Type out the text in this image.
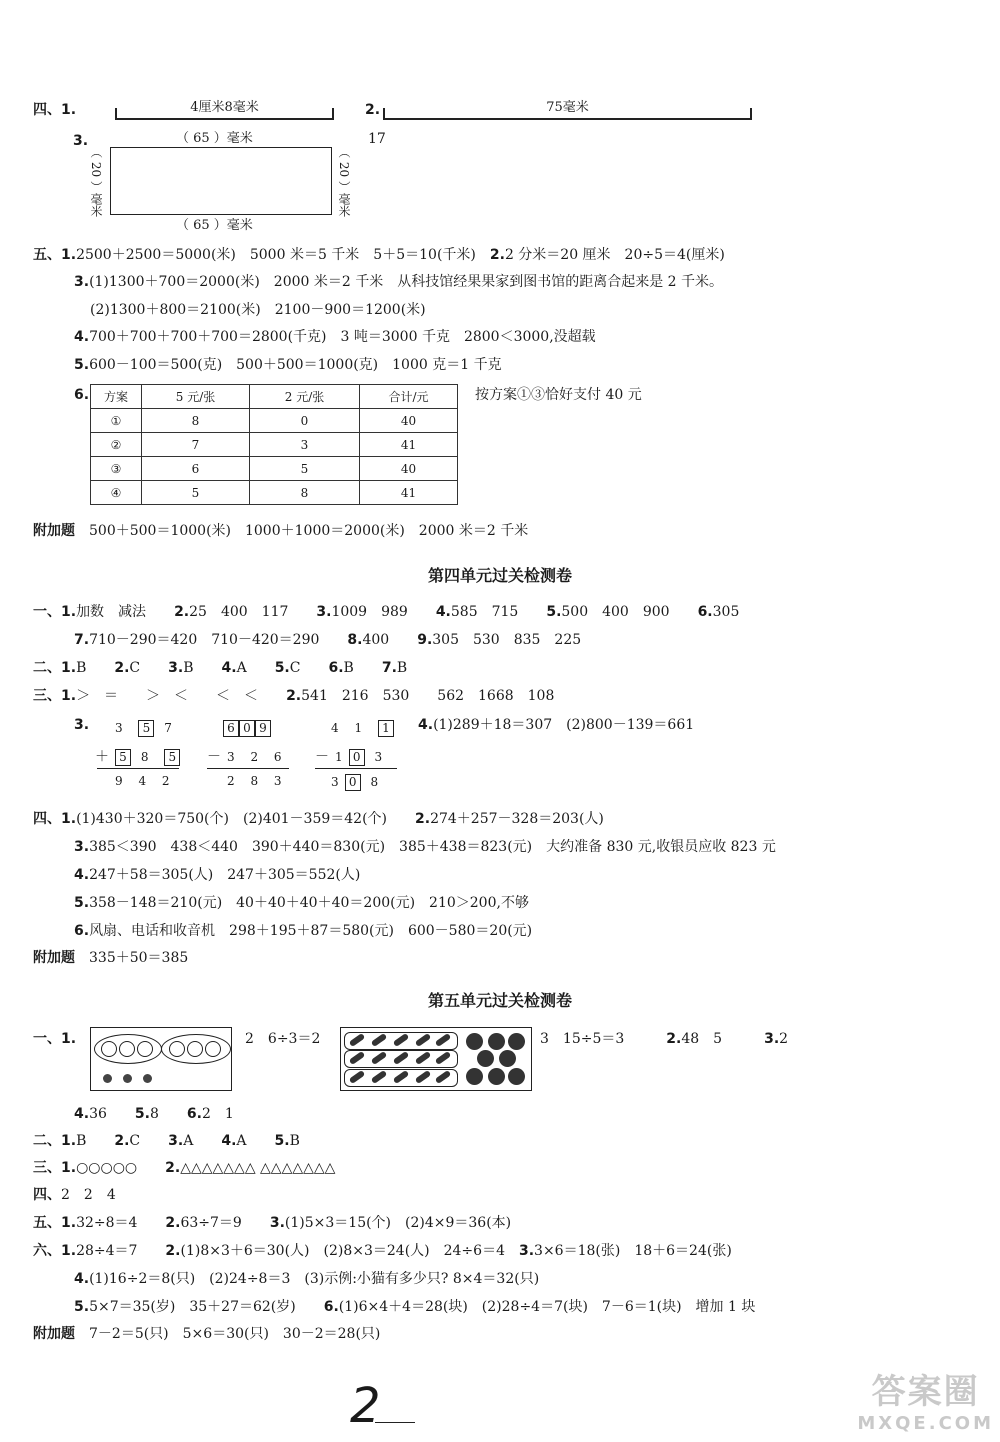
四、1.	4厘米8毫米	2.	75毫米
3.	（ 65 ）毫米
（ 20 ）毫米	（ 20 ）毫米
17
（ 65 ）毫米
五、1.2500＋2500＝5000(米)　5000 米＝5 千米　5＋5＝10(千米)　 2.2 分米＝20 厘米　20÷5＝4(厘米)
3.(1)1300＋700＝2000(米)　2000 米＝2 千米　从科技馆经果果家到图书馆的距离合起来是 2 千米。
(2)1300＋800＝2100(米)　2100－900＝1200(米)
4.700＋700＋700＋700＝2800(千克)　3 吨＝3000 千克　2800＜3000,没超载
5.600－100＝500(克)　500＋500＝1000(克)　1000 克＝1 千克
6. 方案	5 元/张	2 元/张	合计/元
①	8	0	40
②	7	3	41
③	6	5	40
④	5	8	41
按方案①③恰好支付 40 元
附加题　 500＋500＝1000(米)　1000＋1000＝2000(米)　2000 米＝2 千米
第四单元过关检测卷
一、1.加数　减法　　 2.25　400　117　　 3.1009　989　　 4.585　715　　 5.500　400　900　　 6.305
7.710－290＝420　710－420＝290　　 8.400　　 9.305　530　835　225
二、1.B　　 2.C　　 3.B　　 4.A　　 5.C　　 6.B　　 7.B
三、1.＞　＝　　＞　＜　　＜　＜　　 2.541　216　530　　562　1668　108
3. 3 5 7
＋ 5 8 5
9 4 2
6 0 9
－3 2 6
2 8 3
4 1 1
－1 0 3
3 0 8
4.(1)289＋18＝307　(2)800－139＝661
四、1.(1)430＋320＝750(个)　(2)401－359＝42(个)　　 2.274＋257－328＝203(人)
3.385＜390　438＜440　390＋440＝830(元)　385＋438＝823(元)　大约准备 830 元,收银员应收 823 元
4.247＋58＝305(人)　247＋305＝552(人)
5.358－148＝210(元)　40＋40＋40＋40＝200(元)　210＞200,不够
6.风扇、电话和收音机　298＋195＋87＝580(元)　600－580＝20(元)
附加题　 335＋50＝385
第五单元过关检测卷
一、1.	2　6÷3＝2	3　15÷5＝3　　　	2.48　5　　　	3.2
4.36　　 5.8　　 6.2　1
二、1.B　　 2.C　　 3.A　　 4.A　　 5.B
三、1.○○○○○　　 2.△△△△△△△ △△△△△△△
四、2　2　4
五、1.32÷8＝4　　 2.63÷7＝9　　 3.(1)5×3＝15(个)　(2)4×9＝36(本)
六、1.28÷4＝7　　 2.(1)8×3＋6＝30(人)　(2)8×3＝24(人)　24÷6＝4　 3.3×6＝18(张)　18＋6＝24(张)
4.(1)16÷2＝8(只)　(2)24÷8＝3　(3)示例:小猫有多少只? 8×4＝32(只)
5.5×7＝35(岁)　35＋27＝62(岁)　　 6.(1)6×4＋4＝28(块)　(2)28÷4＝7(块)　7－6＝1(块)　增加 1 块
附加题　 7－2＝5(只)　5×6＝30(只)　30－2＝28(只)
2	答案圈
MXQE.COM
